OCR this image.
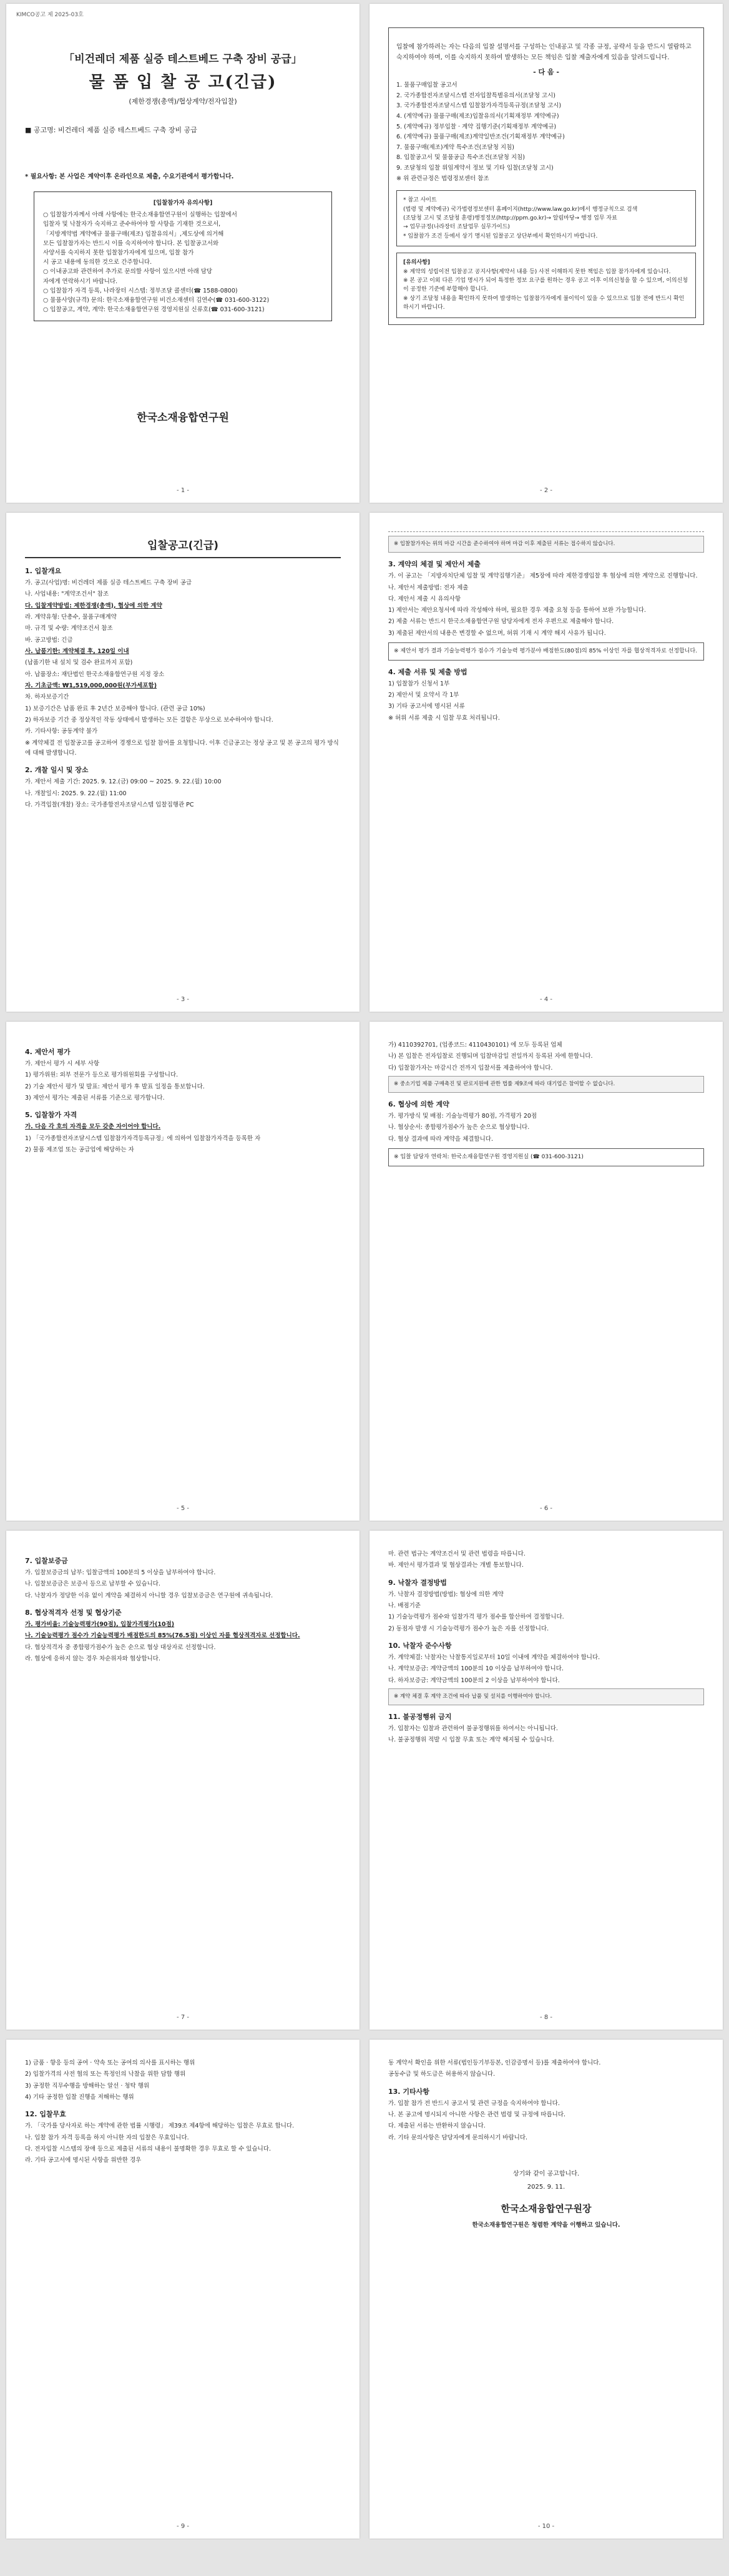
KIMCO공고 제 2025-03호
「비건레더 제품 실증 테스트베드 구축 장비 공급」
물 품 입 찰 공 고(긴급)
(제한경쟁(총액)/협상계약/전자입찰)
■ 공고명: 비건레더 제품 실증 테스트베드 구축 장비 공급
* 필요사항: 본 사업은 계약이후 온라인으로 제출, 수요기관에서 평가합니다.
[입찰참가자 유의사항]
○ 입찰참가자께서 아래 사항에는 한국소재융합연구원이 실행하는 입찰에서
입찰자 및 낙찰자가 숙지하고 준수하여야 할 사항을 기재한 것으로서,
「지방계약법 계약예규 물품구매(제조) 입찰유의서」,제도상에 의거해
모든 입찰참가자는 반드시 이를 숙지하여야 합니다. 본 입찰공고서와
사양서를 숙지하지 못한 입찰참가자에게 있으며, 입찰 참가
시 공고 내용에 동의한 것으로 간주합니다.
○ 이내공고와 관련하여 추가로 문의할 사항이 있으시면 아래 담당
자에게 연락하시기 바랍니다.
○ 입찰참가 자격 등록, 나라장터 시스템: 정부조달 콜센터(☎ 1588-0800)
○ 물품사양(규격) 문의: 한국소재융합연구원 비건소재센터 김연수(☎ 031-600-3122)
○ 입찰공고, 계약, 계약: 한국소재융합연구원 경영지원실 신류호(☎ 031-600-3121)
한국소재융합연구원
- 1 -
입찰에 참가하려는 자는 다음의 입찰 설명서를 구성하는 인내공고 및 각종 규정, 공략서 등을 반드시 열람하고 숙지하여야 하며, 이를 숙지하지 못하여 발생하는 모든 책임은 입찰 제출자에게 있음을 알려드립니다.
- 다 음 -
1. 물품구매입찰 공고서
2. 국가종합전자조달시스템 전자입찰특별유의서(조달청 고시)
3. 국가종합전자조달시스템 입찰참가자격등록규정(조달청 고시)
4. (계약예규) 물품구매(제조)입찰유의서(기획재정부 계약예규)
5. (계약예규) 정부입찰 · 계약 집행기준(기획재정부 계약예규)
6. (계약예규) 물품구매(제조)계약일반조건(기획재정부 계약예규)
7. 물품구매(제조)계약 특수조건(조달청 지침)
8. 입찰공고서 및 물품공급 특수조건(조달청 지침)
9. 조달청의 입찰 위임계약서 정보 및 기타 입찰(조달청 고시)
※ 위 관련규정은 법령정보센터 참조
* 참고 사이트
(법령 및 계약예규) 국가법령정보센터 홈페이지(http://www.law.go.kr)에서 행정규칙으로 검색
(조달청 고시 및 조달청 훈령)행정정보(http://ppm.go.kr)→ 알림마당→ 행정 업무 자료
→ 업무규정(나라장터 조달업무 실무가이드)
* 입찰참가 조건 등에서 상기 명시된 입찰공고 상단부에서 확인하시기 바랍니다.
[유의사항]
※ 계약의 성립이전 입찰공고 공지사항(계약서 내용 등) 사전 이해하지 못한 책임은 입찰 참가자에게 있습니다.
※ 본 공고 이외 다른 기업 명시가 되어 특정한 정보 요구를 원하는 경우 공고 이후 이의신청을 할 수 있으며, 이의신청이 공정한 기준에 부합해야 합니다.
※ 상기 조달청 내용을 확인하지 못하여 발생하는 입찰참가자에게 불이익이 있을 수 있으므로 입찰 전에 반드시 확인하시기 바랍니다.
- 2 -
입찰공고(긴급)
1. 입찰개요

가. 공고(사업)명: 비건레더 제품 실증 테스트베드 구축 장비 공급

나. 사업내용: "계약조건서" 참조

다. 입찰계약방법: 제한경쟁(총액), 협상에 의한 계약

라. 계약유형: 단총수, 물품구매계약

마. 규격 및 수량: 계약조건서 참조

바. 공고방법: 긴급

사. 납품기한: 계약체결 후, 120일 이내

(납품기한 내 설치 및 검수 완료까지 포함)

아. 납품장소: 재단법인 한국소재융합연구원 지정 장소

자. 기초금액: ₩1,519,000,000원(부가세포함)

차. 하자보증기간

1) 보증기간은 납품 완료 후 2년간 보증해야 합니다. (관련 공급 10%)

2) 하자보증 기간 중 정상적인 작동 상태에서 발생하는 모든 결함은 무상으로 보수하여야 합니다.

카. 기타사항: 공동계약 불가

※ 계약체결 전 입찰공고를 공고하여 경쟁으로 입찰 참여를 요청합니다. 이후 긴급공고는 정상 공고 및 본 공고의 평가 방식에 대해 발생합니다.

2. 개찰 일시 및 장소

가. 제안서 제출 기간: 2025. 9. 12.(금) 09:00 ~ 2025. 9. 22.(월) 10:00

나. 개찰일시: 2025. 9. 22.(월) 11:00

다. 가격입찰(개찰) 장소: 국가종합전자조달시스템 입찰집행관 PC

- 3 -
※ 입찰참가자는 위의 마감 시간을 준수하여야 하며 마감 이후 제출된 서류는 접수하지 않습니다.
3. 계약의 체결 및 제안서 제출

가. 이 공고는 「지방자치단체 입찰 및 계약집행기준」 제5장에 따라 제한경쟁입찰 후 협상에 의한 계약으로 진행합니다.

나. 제안서 제출방법: 전자 제출

다. 제안서 제출 시 유의사항

1) 제안서는 제안요청서에 따라 작성해야 하며, 필요한 경우 제출 요청 등을 통하여 보완 가능합니다.

2) 제출 서류는 반드시 한국소재융합연구원 담당자에게 전자 우편으로 제출해야 합니다.

3) 제출된 제안서의 내용은 변경할 수 없으며, 허위 기재 시 계약 해지 사유가 됩니다.

※ 제안서 평가 결과 기술능력평가 점수가 기술능력 평가분야 배점한도(80점)의 85% 이상인 자를 협상적격자로 선정합니다.
4. 제출 서류 및 제출 방법

1) 입찰참가 신청서 1부

2) 제안서 및 요약서 각 1부

3) 기타 공고서에 명시된 서류

※ 허위 서류 제출 시 입찰 무효 처리됩니다.

- 4 -
4. 제안서 평가

가. 제안서 평가 시 세부 사항

1) 평가위원: 외부 전문가 등으로 평가위원회를 구성합니다.

2) 기술 제안서 평가 및 발표: 제안서 평가 후 발표 일정을 통보합니다.

3) 제안서 평가는 제출된 서류를 기준으로 평가합니다.

5. 입찰참가 자격

가. 다음 각 호의 자격을 모두 갖춘 자이어야 합니다.

1) 「국가종합전자조달시스템 입찰참가자격등록규정」에 의하여 입찰참가자격을 등록한 자

2) 물품 제조업 또는 공급업에 해당하는 자

- 5 -

가) 4110392701, (업종코드: 4110430101) 에 모두 등록된 업체

나) 본 입찰은 전자입찰로 진행되며 입찰마감일 전일까지 등록된 자에 한합니다.

다) 입찰참가자는 마감시간 전까지 입찰서를 제출하여야 합니다.

※ 중소기업 제품 구매촉진 및 판로지원에 관한 법률 제9조에 따라 대기업은 참여할 수 없습니다.
6. 협상에 의한 계약

가. 평가방식 및 배점: 기술능력평가 80점, 가격평가 20점

나. 협상순서: 종합평가점수가 높은 순으로 협상합니다.

다. 협상 결과에 따라 계약을 체결합니다.

※ 입찰 담당자 연락처: 한국소재융합연구원 경영지원실 (☎ 031-600-3121)
- 6 -
7. 입찰보증금

가. 입찰보증금의 납부: 입찰금액의 100분의 5 이상을 납부하여야 합니다.

나. 입찰보증금은 보증서 등으로 납부할 수 있습니다.

다. 낙찰자가 정당한 이유 없이 계약을 체결하지 아니할 경우 입찰보증금은 연구원에 귀속됩니다.

8. 협상적격자 선정 및 협상기준

가. 평가비율: 기술능력평가(90점), 입찰가격평가(10점)

나. 기술능력평가 점수가 기술능력평가 배점한도의 85%(76.5점) 이상인 자를 협상적격자로 선정합니다.

다. 협상적격자 중 종합평가점수가 높은 순으로 협상 대상자로 선정합니다.

라. 협상에 응하지 않는 경우 차순위자와 협상합니다.

- 7 -

마. 관련 법규는 계약조건서 및 관련 법령을 따릅니다.

바. 제안서 평가결과 및 협상결과는 개별 통보합니다.

9. 낙찰자 결정방법

가. 낙찰자 결정방법(방법): 협상에 의한 계약

나. 배점기준

1) 기술능력평가 점수와 입찰가격 평가 점수를 합산하여 결정합니다.

2) 동점자 발생 시 기술능력평가 점수가 높은 자를 선정합니다.

10. 낙찰자 준수사항

가. 계약체결: 낙찰자는 낙찰통지일로부터 10일 이내에 계약을 체결하여야 합니다.

나. 계약보증금: 계약금액의 100분의 10 이상을 납부하여야 합니다.

다. 하자보증금: 계약금액의 100분의 2 이상을 납부하여야 합니다.

※ 계약 체결 후 계약 조건에 따라 납품 및 설치를 이행하여야 합니다.
11. 불공정행위 금지

가. 입찰자는 입찰과 관련하여 불공정행위를 하여서는 아니됩니다.

나. 불공정행위 적발 시 입찰 무효 또는 계약 해지될 수 있습니다.

- 8 -

1) 금품 · 향응 등의 공여 · 약속 또는 공여의 의사를 표시하는 행위

2) 입찰가격의 사전 협의 또는 특정인의 낙찰을 위한 담합 행위

3) 공정한 직무수행을 방해하는 알선 · 청탁 행위

4) 기타 공정한 입찰 진행을 저해하는 행위

12. 입찰무효

가. 「국가를 당사자로 하는 계약에 관한 법률 시행령」 제39조 제4항에 해당하는 입찰은 무효로 합니다.

나. 입찰 참가 자격 등록을 하지 아니한 자의 입찰은 무효입니다.

다. 전자입찰 시스템의 장애 등으로 제출된 서류의 내용이 불명확한 경우 무효로 할 수 있습니다.

라. 기타 공고서에 명시된 사항을 위반한 경우

- 9 -

동 계약서 확인을 위한 서류(법인등기부등본, 인감증명서 등)를 제출하여야 합니다.

공동수급 및 하도급은 허용하지 않습니다.

13. 기타사항

가. 입찰 참가 전 반드시 공고서 및 관련 규정을 숙지하여야 합니다.

나. 본 공고에 명시되지 아니한 사항은 관련 법령 및 규정에 따릅니다.

다. 제출된 서류는 반환하지 않습니다.

라. 기타 문의사항은 담당자에게 문의하시기 바랍니다.

상기와 같이 공고합니다.
2025. 9. 11.
한국소재융합연구원장
한국소재융합연구원은 청렴한 계약을 이행하고 있습니다.
- 10 -
